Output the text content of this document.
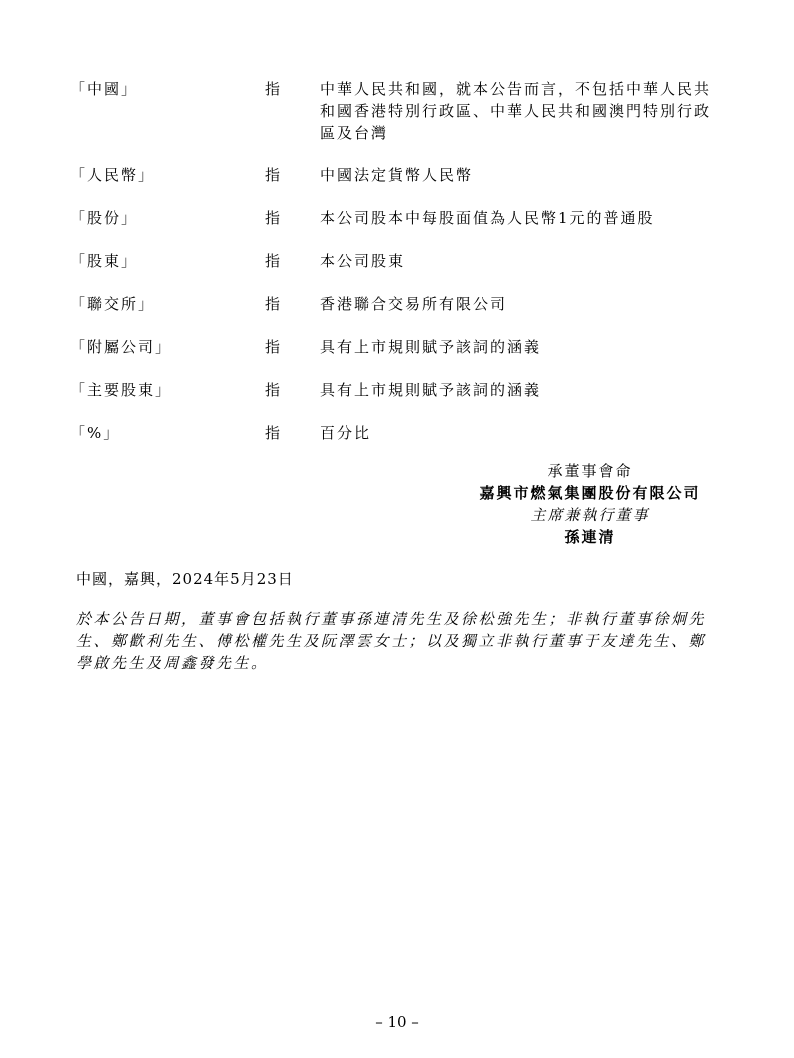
「中國」	指	中華人民共和國，就本公告而言，不包括中華人民共和國香港特別行政區、中華人民共和國澳門特別行政區及台灣
「人民幣」	指	中國法定貨幣人民幣
「股份」	指	本公司股本中每股面值為人民幣1元的普通股
「股東」	指	本公司股東
「聯交所」	指	香港聯合交易所有限公司
「附屬公司」	指	具有上市規則賦予該詞的涵義
「主要股東」	指	具有上市規則賦予該詞的涵義
「%」	指	百分比
承董事會命
嘉興市燃氣集團股份有限公司
主席兼執行董事
孫連清
中國，嘉興，2024年5月23日
於本公告日期，董事會包括執行董事孫連清先生及徐松強先生；非執行董事徐炯先生、鄭歡利先生、傅松權先生及阮澤雲女士；以及獨立非執行董事于友達先生、鄭學啟先生及周鑫發先生。
– 10 –
